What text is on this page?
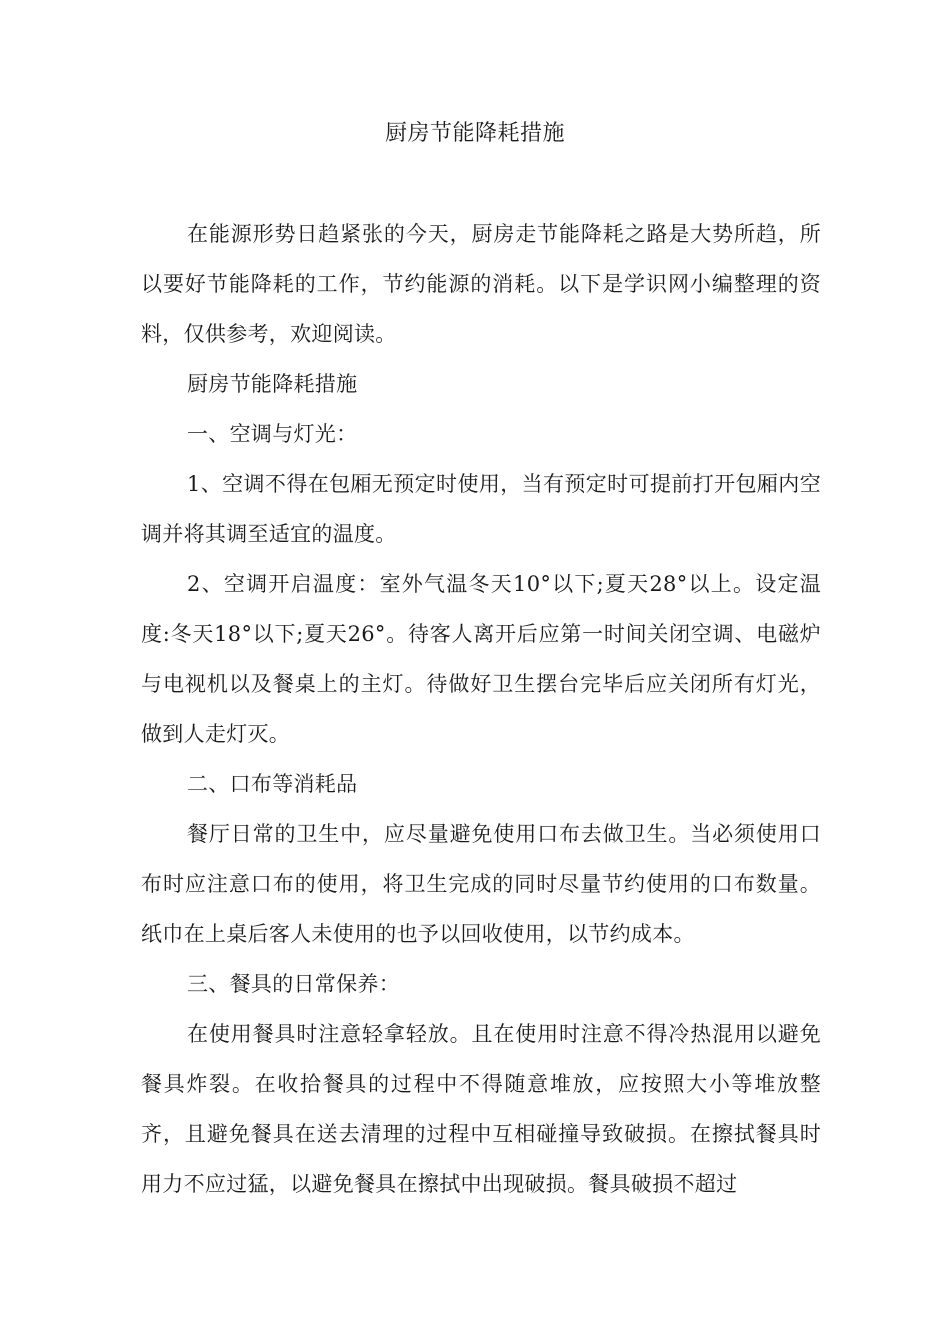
厨房节能降耗措施

在能源形势日趋紧张的今天，厨房走节能降耗之路是大势所趋，所以要好节能降耗的工作，节约能源的消耗。以下是学识网小编整理的资料，仅供参考，欢迎阅读。

厨房节能降耗措施

一、空调与灯光：

1、空调不得在包厢无预定时使用，当有预定时可提前打开包厢内空调并将其调至适宜的温度。

2、空调开启温度：室外气温冬天10°以下;夏天28°以上。设定温度:冬天18°以下;夏天26°。待客人离开后应第一时间关闭空调、电磁炉与电视机以及餐桌上的主灯。待做好卫生摆台完毕后应关闭所有灯光，做到人走灯灭。

二、口布等消耗品

餐厅日常的卫生中，应尽量避免使用口布去做卫生。当必须使用口布时应注意口布的使用，将卫生完成的同时尽量节约使用的口布数量。纸巾在上桌后客人未使用的也予以回收使用，以节约成本。

三、餐具的日常保养：

在使用餐具时注意轻拿轻放。且在使用时注意不得冷热混用以避免餐具炸裂。在收拾餐具的过程中不得随意堆放，应按照大小等堆放整齐，且避免餐具在送去清理的过程中互相碰撞导致破损。在擦拭餐具时用力不应过猛，以避免餐具在擦拭中出现破损。餐具破损不超过
